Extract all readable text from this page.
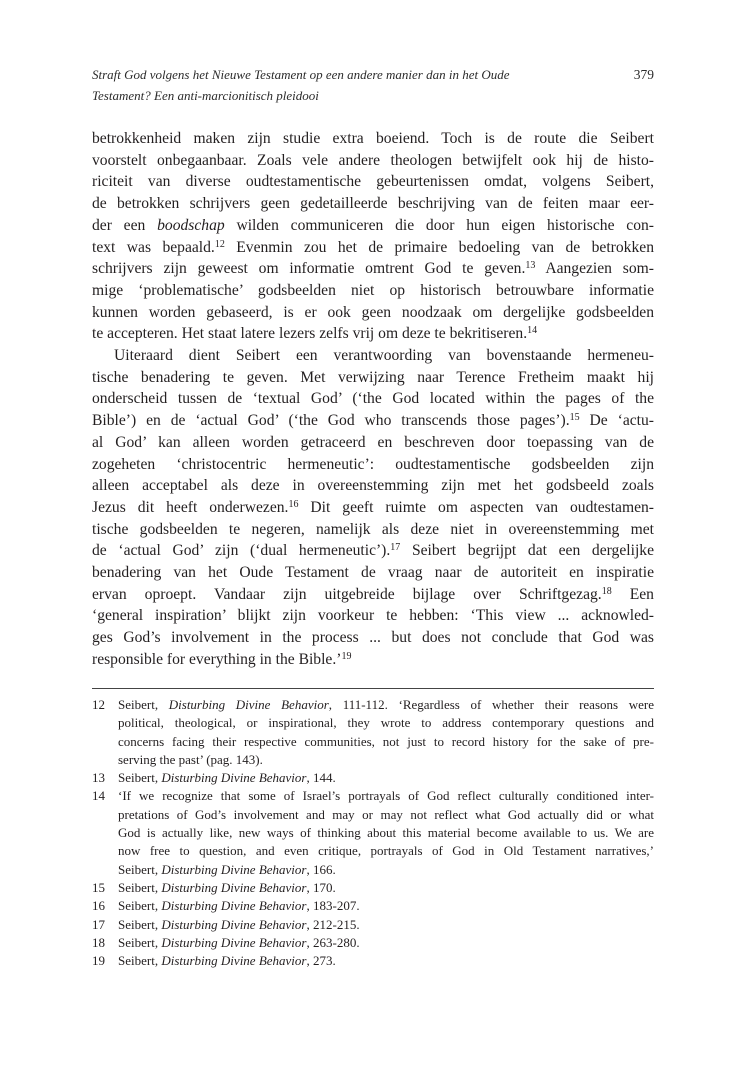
Straft God volgens het Nieuwe Testament op een andere manier dan in het Oude
Testament? Een anti-marcionitisch pleidooi
379
betrokkenheid maken zijn studie extra boeiend. Toch is de route die Seibert
voorstelt onbegaanbaar. Zoals vele andere theologen betwijfelt ook hij de histo-
riciteit van diverse oudtestamentische gebeurtenissen omdat, volgens Seibert,
de betrokken schrijvers geen gedetailleerde beschrijving van de feiten maar eer-
der een boodschap wilden communiceren die door hun eigen historische con-
text was bepaald.$^{12}$ Evenmin zou het de primaire bedoeling van de betrokken
schrijvers zijn geweest om informatie omtrent God te geven.$^{13}$ Aangezien som-
mige ‘problematische’ godsbeelden niet op historisch betrouwbare informatie
kunnen worden gebaseerd, is er ook geen noodzaak om dergelijke godsbeelden
te accepteren. Het staat latere lezers zelfs vrij om deze te bekritiseren.$^{14}$
Uiteraard dient Seibert een verantwoording van bovenstaande hermeneu-
tische benadering te geven. Met verwijzing naar Terence Fretheim maakt hij
onderscheid tussen de ‘textual God’ (‘the God located within the pages of the
Bible’) en de ‘actual God’ (‘the God who transcends those pages’).$^{15}$ De ‘actu-
al God’ kan alleen worden getraceerd en beschreven door toepassing van de
zogeheten ‘christocentric hermeneutic’: oudtestamentische godsbeelden zijn
alleen acceptabel als deze in overeenstemming zijn met het godsbeeld zoals
Jezus dit heeft onderwezen.$^{16}$ Dit geeft ruimte om aspecten van oudtestamen-
tische godsbeelden te negeren, namelijk als deze niet in overeenstemming met
de ‘actual God’ zijn (‘dual hermeneutic’).$^{17}$ Seibert begrijpt dat een dergelijke
benadering van het Oude Testament de vraag naar de autoriteit en inspiratie
ervan oproept. Vandaar zijn uitgebreide bijlage over Schriftgezag.$^{18}$ Een
‘general inspiration’ blijkt zijn voorkeur te hebben: ‘This view ... acknowled-
ges God’s involvement in the process ... but does not conclude that God was
responsible for everything in the Bible.’$^{19}$
12 Seibert, Disturbing Divine Behavior, 111-112. ‘Regardless of whether their reasons were
political, theological, or inspirational, they wrote to address contemporary questions and
concerns facing their respective communities, not just to record history for the sake of pre-
serving the past’ (pag. 143).
13 Seibert, Disturbing Divine Behavior, 144.
14 ‘If we recognize that some of Israel’s portrayals of God reflect culturally conditioned inter-
pretations of God’s involvement and may or may not reflect what God actually did or what
God is actually like, new ways of thinking about this material become available to us. We are
now free to question, and even critique, portrayals of God in Old Testament narratives,’
Seibert, Disturbing Divine Behavior, 166.
15 Seibert, Disturbing Divine Behavior, 170.
16 Seibert, Disturbing Divine Behavior, 183-207.
17 Seibert, Disturbing Divine Behavior, 212-215.
18 Seibert, Disturbing Divine Behavior, 263-280.
19 Seibert, Disturbing Divine Behavior, 273.
